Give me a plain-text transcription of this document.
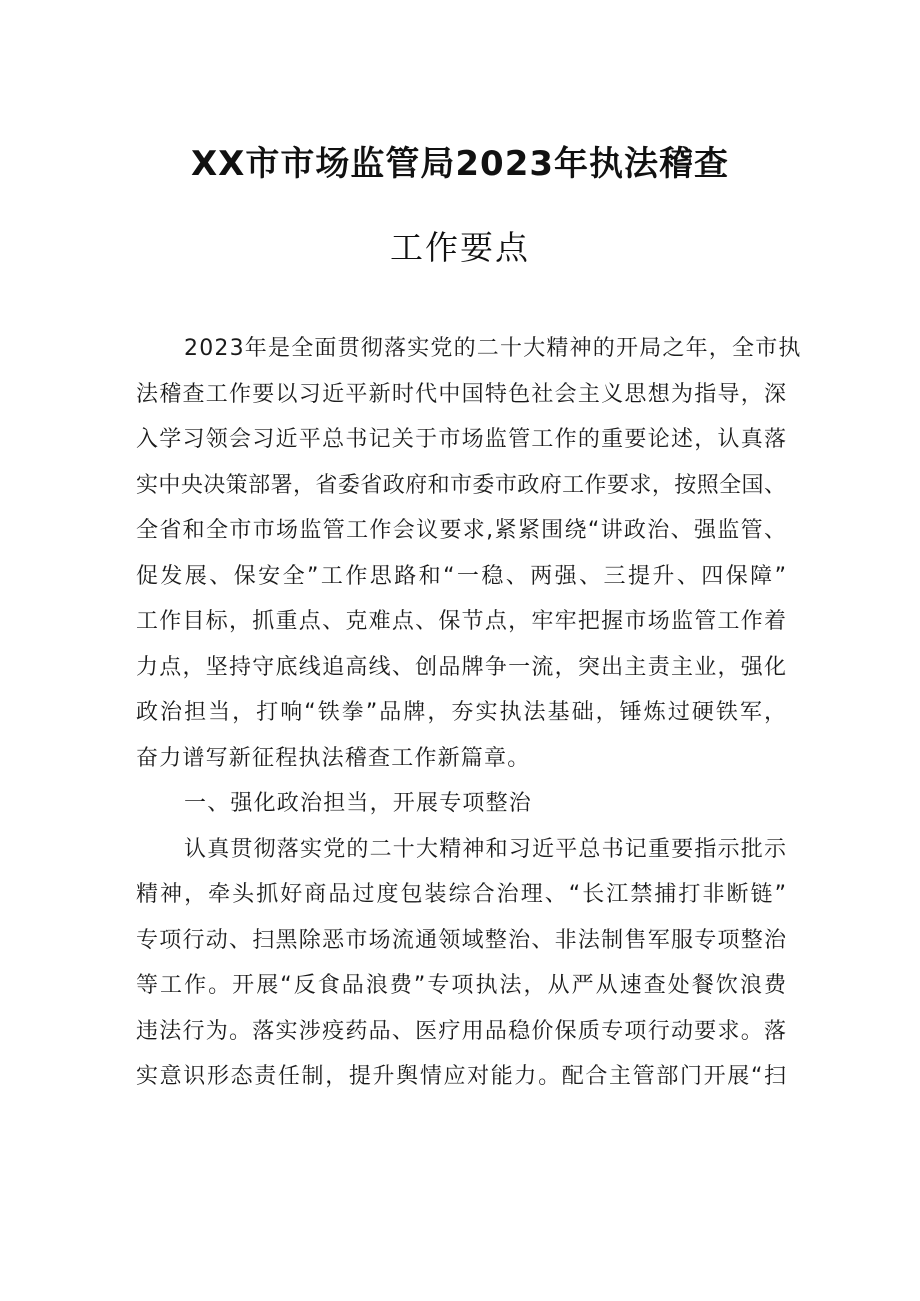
XX市市场监管局2023年执法稽查
工作要点
2023年是全面贯彻落实党的二十大精神的开局之年，全市执
法稽查工作要以习近平新时代中国特色社会主义思想为指导，深
入学习领会习近平总书记关于市场监管工作的重要论述，认真落
实中央决策部署，省委省政府和市委市政府工作要求，按照全国、
全省和全市市场监管工作会议要求,紧紧围绕“讲政治、强监管、
促发展、保安全”工作思路和“一稳、两强、三提升、四保障”
工作目标，抓重点、克难点、保节点，牢牢把握市场监管工作着
力点，坚持守底线追高线、创品牌争一流，突出主责主业，强化
政治担当，打响“铁拳”品牌，夯实执法基础，锤炼过硬铁军，
奋力谱写新征程执法稽查工作新篇章。
一、强化政治担当，开展专项整治
认真贯彻落实党的二十大精神和习近平总书记重要指示批示
精神，牵头抓好商品过度包装综合治理、“长江禁捕打非断链”
专项行动、扫黑除恶市场流通领域整治、非法制售军服专项整治
等工作。开展“反食品浪费”专项执法，从严从速查处餐饮浪费
违法行为。落实涉疫药品、医疗用品稳价保质专项行动要求。落
实意识形态责任制，提升舆情应对能力。配合主管部门开展“扫
